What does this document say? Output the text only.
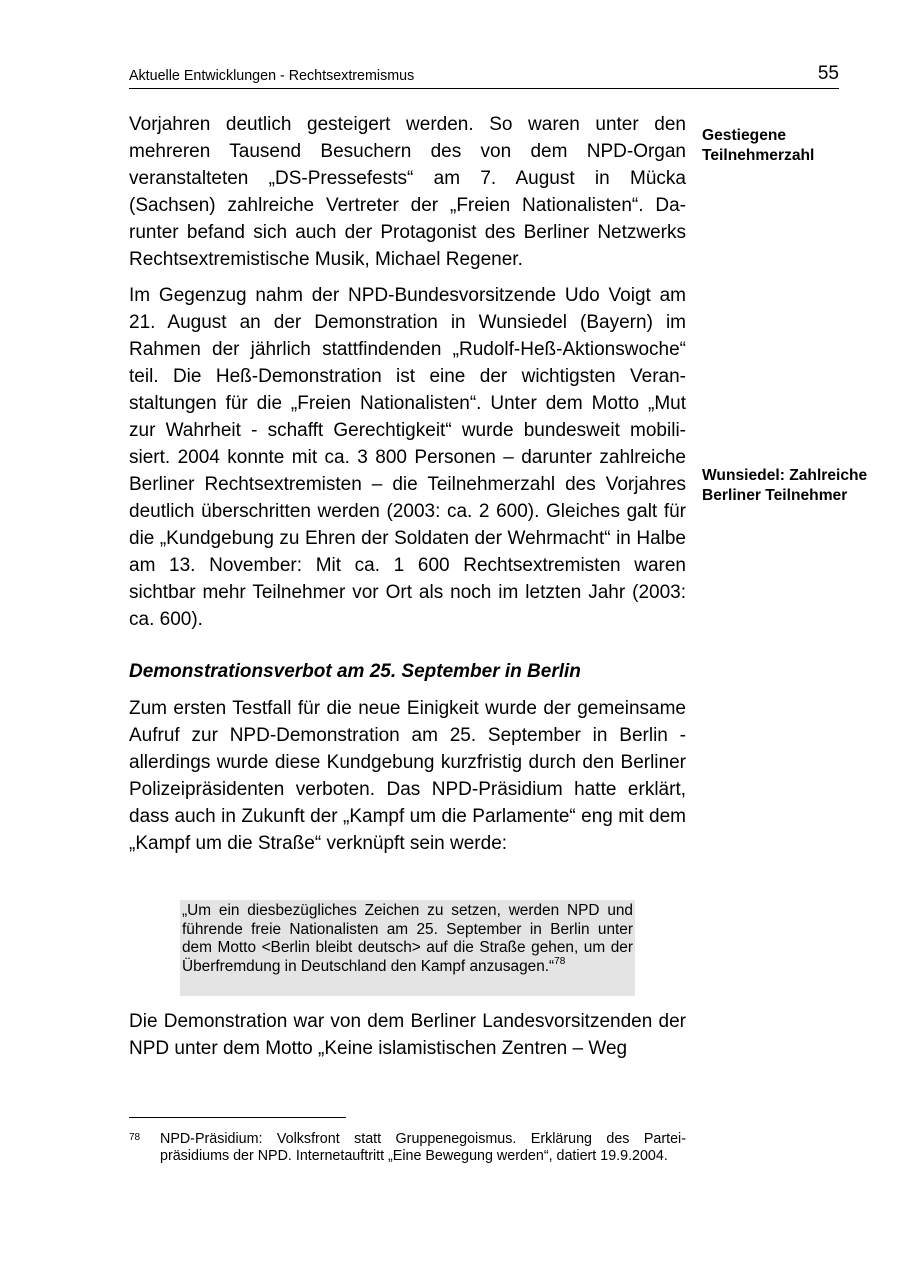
Aktuelle Entwicklungen - Rechtsextremismus	55
Gestiegene Teilnehmerzahl
Wunsiedel: Zahlreiche Berliner Teilnehmer

Vorjahren deutlich gesteigert werden. So waren unter den mehreren Tausend Besuchern des von dem NPD-Organ veranstalteten „DS-Pressefests“ am 7. August in Mücka (Sachsen) zahlreiche Vertreter der „Freien Nationalisten“. Darunter befand sich auch der Protagonist des Berliner Netzwerks Rechtsextremistische Musik, Michael Regener.

Im Gegenzug nahm der NPD-Bundesvorsitzende Udo Voigt am 21. August an der Demonstration in Wunsiedel (Bayern) im Rahmen der jährlich stattfindenden „Rudolf-Heß-Aktionswoche“ teil. Die Heß-Demonstration ist eine der wichtigsten Veranstaltungen für die „Freien Nationalisten“. Unter dem Motto „Mut zur Wahrheit - schafft Gerechtigkeit“ wurde bundesweit mobilisiert. 2004 konnte mit ca. 3 800 Personen – darunter zahlreiche Berliner Rechtsextremisten – die Teilnehmerzahl des Vorjahres deutlich überschritten werden (2003: ca. 2 600). Gleiches galt für die „Kundgebung zu Ehren der Soldaten der Wehrmacht“ in Halbe am 13. November: Mit ca. 1 600 Rechtsextremisten waren sichtbar mehr Teilnehmer vor Ort als noch im letzten Jahr (2003: ca. 600).

Demonstrationsverbot am 25. September in Berlin

Zum ersten Testfall für die neue Einigkeit wurde der gemeinsame Aufruf zur NPD-Demonstration am 25. September in Berlin - allerdings wurde diese Kundgebung kurzfristig durch den Berliner Polizeipräsidenten verboten. Das NPD-Präsidium hatte erklärt, dass auch in Zukunft der „Kampf um die Parlamente“ eng mit dem „Kampf um die Straße“ verknüpft sein werde:

„Um ein diesbezügliches Zeichen zu setzen, werden NPD und führende freie Nationalisten am 25. September in Berlin unter dem Motto <Berlin bleibt deutsch> auf die Straße gehen, um der Überfremdung in Deutschland den Kampf anzusagen.“$^{78}$

Die Demonstration war von dem Berliner Landesvorsitzenden der NPD unter dem Motto „Keine islamistischen Zentren – Weg

78 NPD-Präsidium: Volksfront statt Gruppenegoismus. Erklärung des Parteipräsidiums der NPD. Internetauftritt „Eine Bewegung werden“, datiert 19.9.2004.
